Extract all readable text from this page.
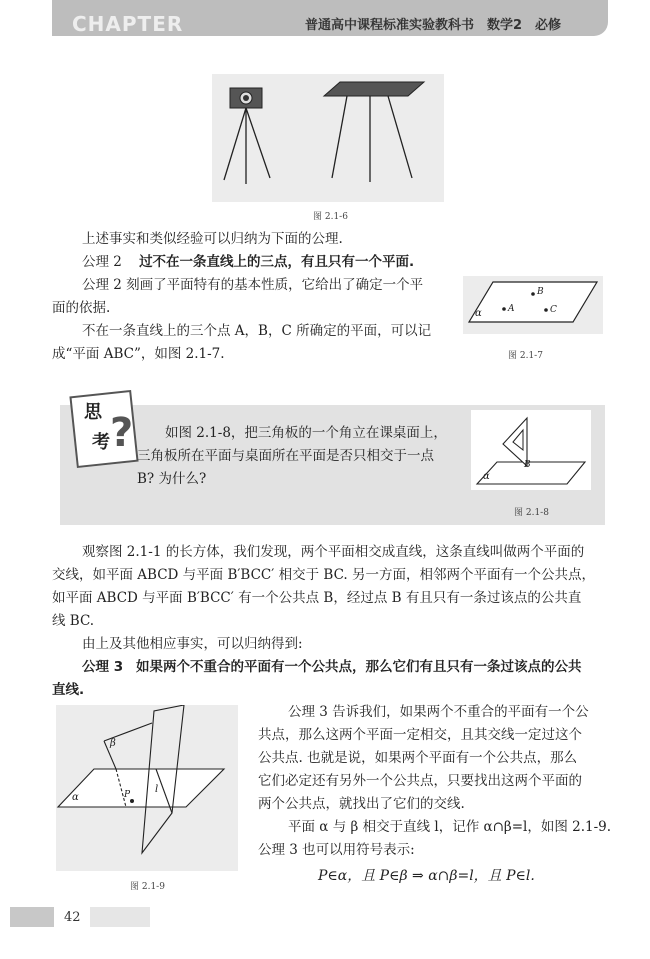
CHAPTER	普通高中课程标准实验教科书　数学2　必修
图 2.1-6
上述事实和类似经验可以归纳为下面的公理.
公理 2 过不在一条直线上的三点，有且只有一个平面.
公理 2 刻画了平面特有的基本性质，它给出了确定一个平
面的依据.
不在一条直线上的三个点 A，B，C 所确定的平面，可以记
成“平面 ABC”，如图 2.1-7.
α
B
A	C
图 2.1-7
思
考 ? 如图 2.1-8，把三角板的一个角立在课桌面上，
三角板所在平面与桌面所在平面是否只相交于一点
B? 为什么?	α
B
图 2.1-8
观察图 2.1-1 的长方体，我们发现，两个平面相交成直线，这条直线叫做两个平面的
交线，如平面 ABCD 与平面 B′BCC′ 相交于 BC. 另一方面，相邻两个平面有一个公共点，
如平面 ABCD 与平面 B′BCC′ 有一个公共点 B，经过点 B 有且只有一条过该点的公共直
线 BC.
由上及其他相应事实，可以归纳得到:
公理 3 如果两个不重合的平面有一个公共点，那么它们有且只有一条过该点的公共
直线.
β
α	P l
图 2.1-9
公理 3 告诉我们，如果两个不重合的平面有一个公
共点，那么这两个平面一定相交，且其交线一定过这个
公共点. 也就是说，如果两个平面有一个公共点，那么
它们必定还有另外一个公共点，只要找出这两个平面的
两个公共点，就找出了它们的交线.
平面 α 与 β 相交于直线 l，记作 α∩β=l，如图 2.1-9.
公理 3 也可以用符号表示:
P∈α，且 P∈β ⇒ α∩β=l，且 P∈l.
42
